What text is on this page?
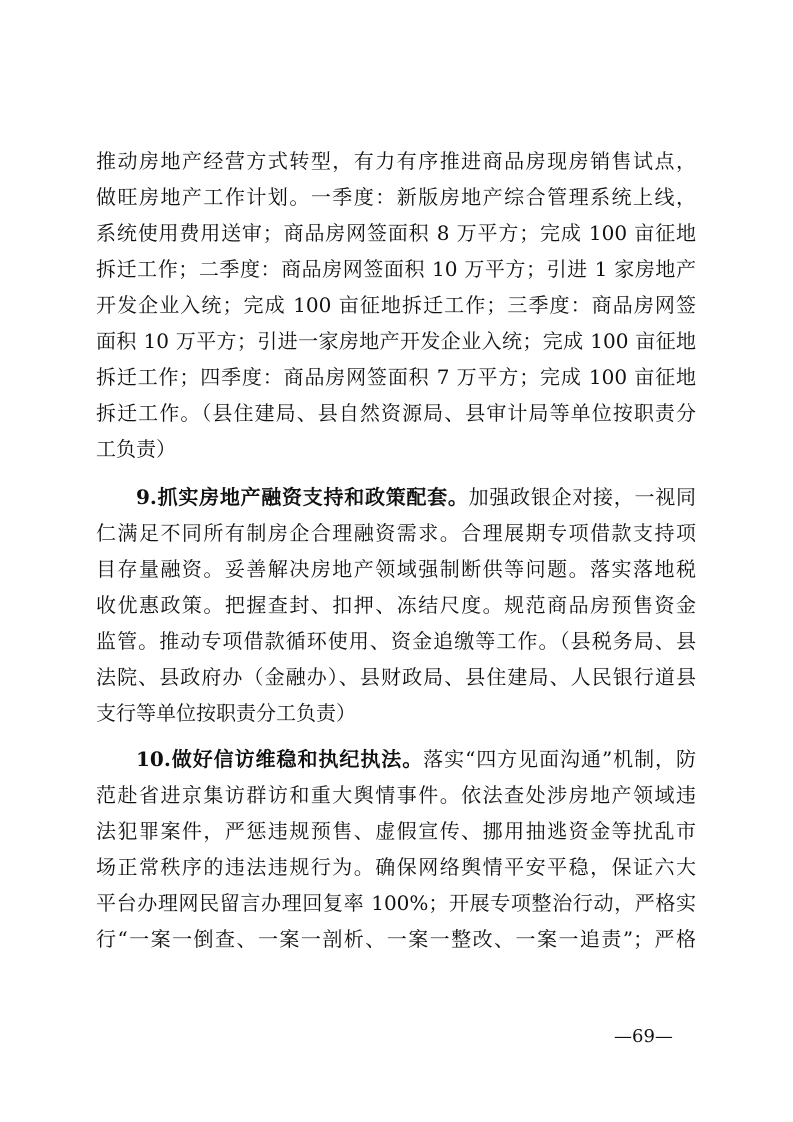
推动房地产经营方式转型，有力有序推进商品房现房销售试点，
做旺房地产工作计划。一季度：新版房地产综合管理系统上线，
系统使用费用送审；商品房网签面积 8 万平方；完成 100 亩征地
拆迁工作；二季度：商品房网签面积 10 万平方；引进 1 家房地产
开发企业入统；完成 100 亩征地拆迁工作；三季度：商品房网签
面积 10 万平方；引进一家房地产开发企业入统；完成 100 亩征地
拆迁工作；四季度：商品房网签面积 7 万平方；完成 100 亩征地
拆迁工作。（县住建局、县自然资源局、县审计局等单位按职责分
工负责）
9.抓实房地产融资支持和政策配套。加强政银企对接，一视同
仁满足不同所有制房企合理融资需求。合理展期专项借款支持项
目存量融资。妥善解决房地产领域强制断供等问题。落实落地税
收优惠政策。把握查封、扣押、冻结尺度。规范商品房预售资金
监管。推动专项借款循环使用、资金追缴等工作。（县税务局、县
法院、县政府办（金融办）、县财政局、县住建局、人民银行道县
支行等单位按职责分工负责）
10.做好信访维稳和执纪执法。落实“四方见面沟通”机制，防
范赴省进京集访群访和重大舆情事件。依法查处涉房地产领域违
法犯罪案件，严惩违规预售、虚假宣传、挪用抽逃资金等扰乱市
场正常秩序的违法违规行为。确保网络舆情平安平稳，保证六大
平台办理网民留言办理回复率 100%；开展专项整治行动，严格实
行“一案一倒查、一案一剖析、一案一整改、一案一追责”；严格
—69—
